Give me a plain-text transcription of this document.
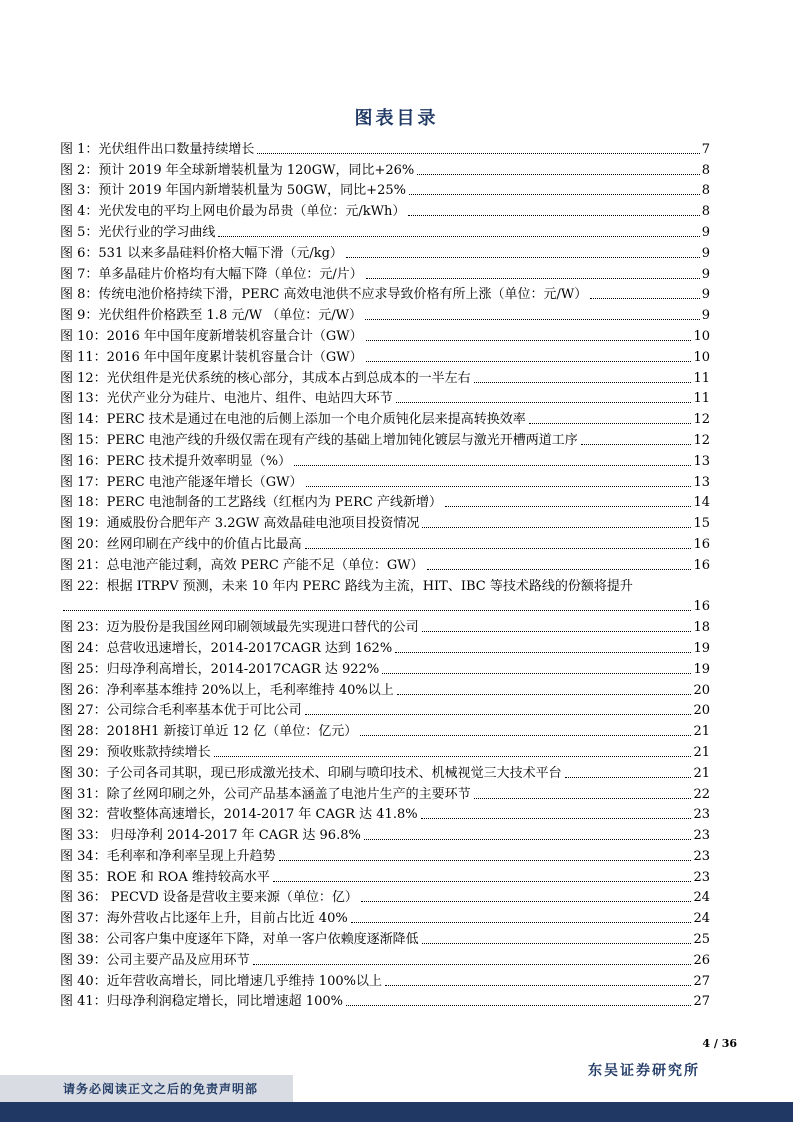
图表目录
图 1：光伏组件出口数量持续增长	7
图 2：预计 2019 年全球新增装机量为 120GW，同比+26%	8
图 3：预计 2019 年国内新增装机量为 50GW，同比+25%	8
图 4：光伏发电的平均上网电价最为昂贵（单位：元/kWh）	8
图 5：光伏行业的学习曲线	9
图 6：531 以来多晶硅料价格大幅下滑（元/kg）	9
图 7：单多晶硅片价格均有大幅下降（单位：元/片）	9
图 8：传统电池价格持续下滑，PERC 高效电池供不应求导致价格有所上涨（单位：元/W）	9
图 9：光伏组件价格跌至 1.8 元/W （单位：元/W）	9
图 10：2016 年中国年度新增装机容量合计（GW）	10
图 11：2016 年中国年度累计装机容量合计（GW）	10
图 12：光伏组件是光伏系统的核心部分，其成本占到总成本的一半左右	11
图 13：光伏产业分为硅片、电池片、组件、电站四大环节	11
图 14：PERC 技术是通过在电池的后侧上添加一个电介质钝化层来提高转换效率	12
图 15：PERC 电池产线的升级仅需在现有产线的基础上增加钝化镀层与激光开槽两道工序	12
图 16：PERC 技术提升效率明显（%）	13
图 17：PERC 电池产能逐年增长（GW）	13
图 18：PERC 电池制备的工艺路线（红框内为 PERC 产线新增）	14
图 19：通威股份合肥年产 3.2GW 高效晶硅电池项目投资情况	15
图 20：丝网印刷在产线中的价值占比最高	16
图 21：总电池产能过剩，高效 PERC 产能不足（单位：GW）	16
图 22：根据 ITRPV 预测，未来 10 年内 PERC 路线为主流，HIT、IBC 等技术路线的份额将提升
16
图 23：迈为股份是我国丝网印刷领域最先实现进口替代的公司	18
图 24：总营收迅速增长，2014-2017CAGR 达到 162%	19
图 25：归母净利高增长，2014-2017CAGR 达 922%	19
图 26：净利率基本维持 20%以上，毛利率维持 40%以上	20
图 27：公司综合毛利率基本优于可比公司	20
图 28：2018H1 新接订单近 12 亿（单位：亿元）	21
图 29：预收账款持续增长	21
图 30：子公司各司其职，现已形成激光技术、印刷与喷印技术、机械视觉三大技术平台	21
图 31：除了丝网印刷之外，公司产品基本涵盖了电池片生产的主要环节	22
图 32：营收整体高速增长，2014-2017 年 CAGR 达 41.8%	23
图 33： 归母净利 2014-2017 年 CAGR 达 96.8%	23
图 34：毛利率和净利率呈现上升趋势	23
图 35：ROE 和 ROA 维持较高水平	23
图 36： PECVD 设备是营收主要来源（单位：亿）	24
图 37：海外营收占比逐年上升，目前占比近 40%	24
图 38：公司客户集中度逐年下降，对单一客户依赖度逐渐降低	25
图 39：公司主要产品及应用环节	26
图 40：近年营收高增长，同比增速几乎维持 100%以上	27
图 41：归母净利润稳定增长，同比增速超 100%	27
4 / 36
东吴证券研究所
请务必阅读正文之后的免责声明部
